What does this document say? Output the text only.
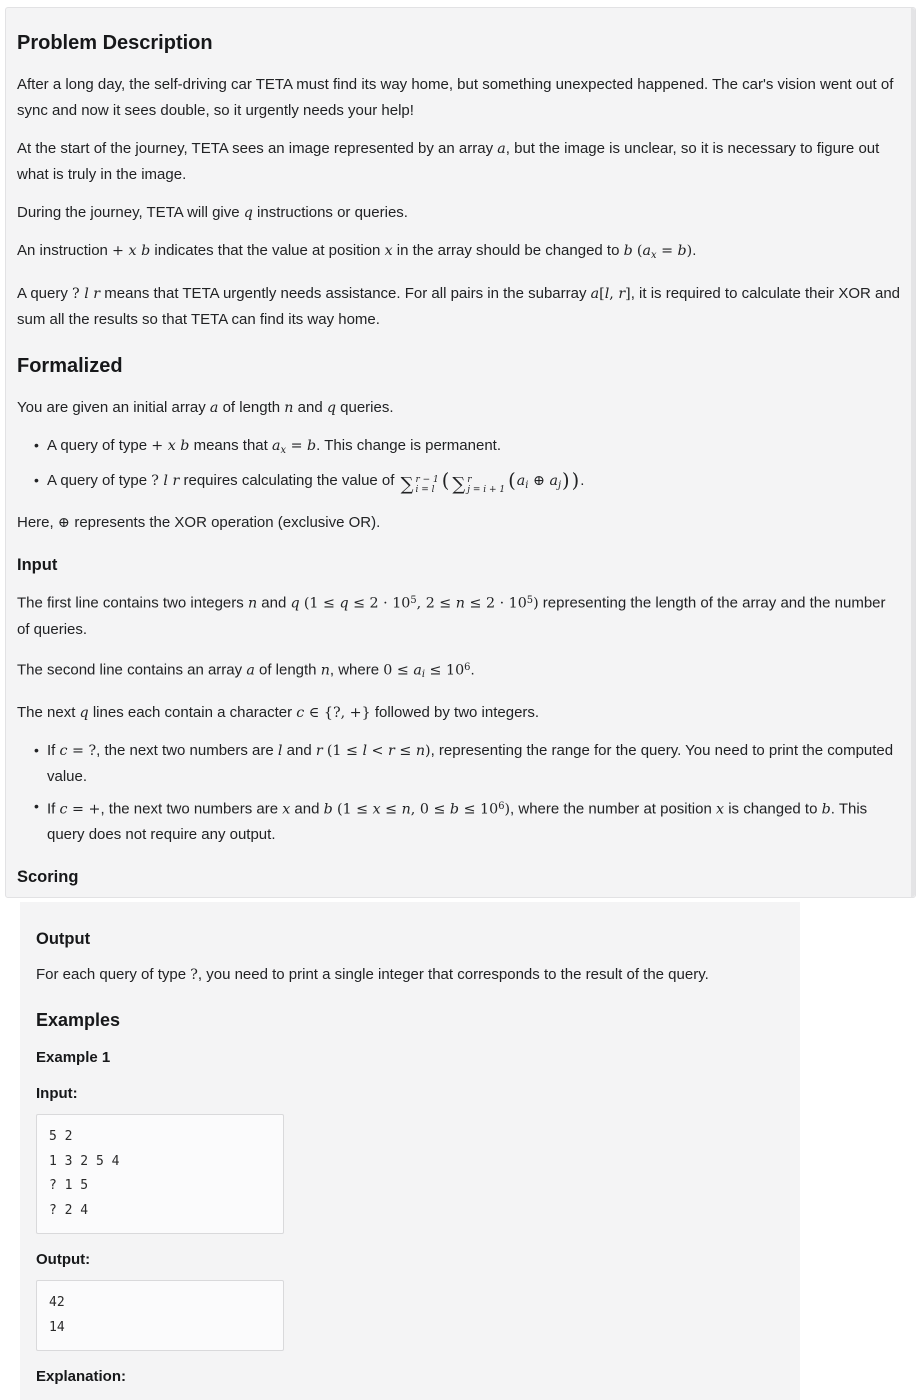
Problem Description

After a long day, the self-driving car TETA must find its way home, but something unexpected happened. The car's vision went out of sync and now it sees double, so it urgently needs your help!

At the start of the journey, TETA sees an image represented by an array a, but the image is unclear, so it is necessary to figure out what is truly in the image.

During the journey, TETA will give q instructions or queries.

An instruction + x b indicates that the value at position x in the array should be changed to b (ax = b).

A query ? l r means that TETA urgently needs assistance. For all pairs in the subarray a[l, r], it is required to calculate their XOR and sum all the results so that TETA can find its way home.

Formalized

You are given an initial array a of length n and q queries.

• A query of type + x b means that ax = b. This change is permanent.
• A query of type ? l r requires calculating the value of ∑ r − 1
i = l ( ∑ r
j = i + 1 (ai ⊕ aj) ).

Here, ⊕ represents the XOR operation (exclusive OR).

Input

The first line contains two integers n and q ($1 \le q \le 2 \cdot 10^5$, $2 \le n \le 2 \cdot 10^5$) representing the length of the array and the number of queries.

The second line contains an array a of length n, where 0 ≤ ai ≤ $10^6$.

The next q lines each contain a character c ∈ {?, +} followed by two integers.

• If c = ?, the next two numbers are l and r (1 ≤ l < r ≤ n), representing the range for the query. You need to print the computed value.
• If c = +, the next two numbers are x and b (1 ≤ x ≤ n, $0 \le b \le 10^6$), where the number at position x is changed to b. This query does not require any output.
Scoring
Output

For each query of type ?, you need to print a single integer that corresponds to the result of the query.

Examples
Example 1
Input:
5 2
1 3 2 5 4
? 1 5
? 2 4
Output:
42
14
Explanation:
1.
